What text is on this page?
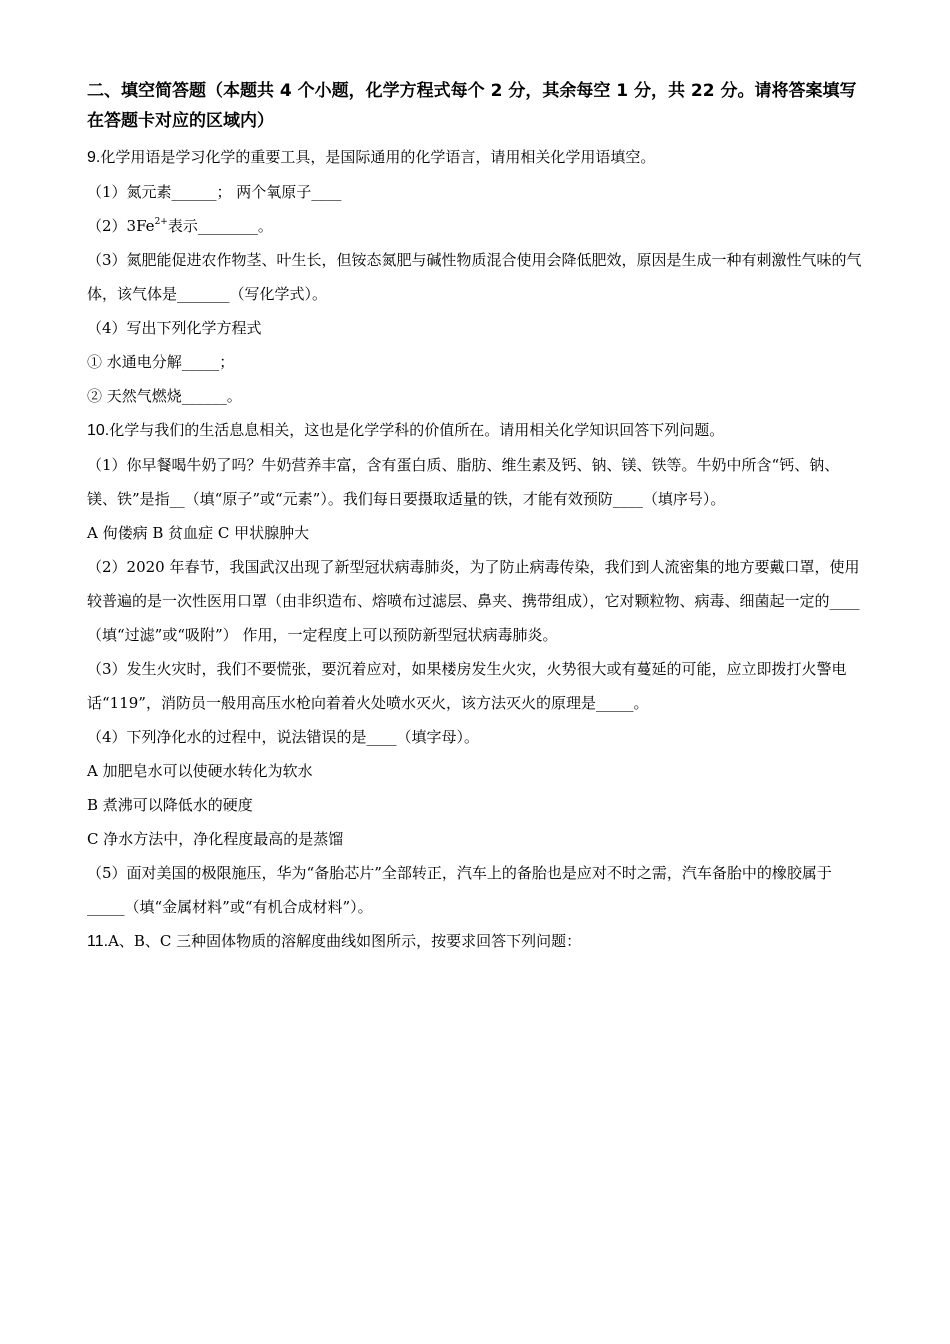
二、填空简答题（本题共 4 个小题，化学方程式每个 2 分，其余每空 1 分，共 22 分。请将答案填写在答题卡对应的区域内）
9.化学用语是学习化学的重要工具，是国际通用的化学语言，请用相关化学用语填空。
（1）氮元素______； 两个氧原子____
$(2)3Fe^{2+}$表示________。
（3）氮肥能促进农作物茎、叶生长，但铵态氮肥与碱性物质混合使用会降低肥效，原因是生成一种有刺激性气味的气体，该气体是_______（写化学式）。
（4）写出下列化学方程式
① 水通电分解_____；
② 天然气燃烧______。
10.化学与我们的生活息息相关，这也是化学学科的价值所在。请用相关化学知识回答下列问题。
（1）你早餐喝牛奶了吗？牛奶营养丰富，含有蛋白质、脂肪、维生素及钙、钠、镁、铁等。牛奶中所含“钙、钠、镁、铁”是指__（填“原子”或“元素”）。我们每日要摄取适量的铁，才能有效预防____（填序号）。
A 佝偻病 B 贫血症 C 甲状腺肿大
（2）2020 年春节，我国武汉出现了新型冠状病毒肺炎，为了防止病毒传染，我们到人流密集的地方要戴口罩，使用较普遍的是一次性医用口罩（由非织造布、熔喷布过滤层、鼻夹、携带组成），它对颗粒物、病毒、细菌起一定的____（填“过滤”或“吸附”） 作用，一定程度上可以预防新型冠状病毒肺炎。
（3）发生火灾时，我们不要慌张，要沉着应对，如果楼房发生火灾，火势很大或有蔓延的可能，应立即拨打火警电话“119”，消防员一般用高压水枪向着着火处喷水灭火，该方法灭火的原理是_____。
（4）下列净化水的过程中，说法错误的是____（填字母）。
A 加肥皂水可以使硬水转化为软水
B 煮沸可以降低水的硬度
C 净水方法中，净化程度最高的是蒸馏
（5）面对美国的极限施压，华为“备胎芯片”全部转正，汽车上的备胎也是应对不时之需，汽车备胎中的橡胶属于_____（填“金属材料”或“有机合成材料”）。
11.A、B、C 三种固体物质的溶解度曲线如图所示，按要求回答下列问题：
